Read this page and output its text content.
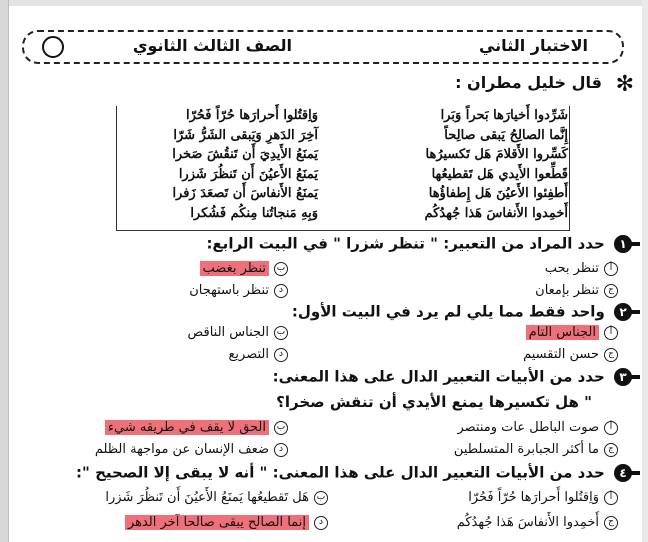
الاختبار الثاني
الصف الثالث الثانوي
✻
قال خليل مطران :
شَرِّدوا أَخيارَها بَحراً وَبَرا
إِنَّما الصالِحُ يَبقى صالِحاً
كَسِّروا الأَقلامَ هَل تَكسيرُها
قَطِّعوا الأَيدي هَل تَقطيعُها
أَطفِئوا الأَعيُنَ هَل إِطفاؤُها
أَخمِدوا الأَنفاسَ هَذا جُهدُكُم
وَاِقتُلوا أَحرارَها حُرّاً فَحُرّا
آخِرَ الدَهرِ وَيَبقى الشَرُّ شَرّا
يَمنَعُ الأَيدِيَ أَن تَنقُشَ صَخرا
يَمنَعُ الأَعيُنَ أَن تَنظُرَ شَزرا
يَمنَعُ الأَنفاسَ أَن تَصعَدَ زَفرا
وَبِهِ مَنجاتُنا مِنكُم فَشُكرا
١ حدد المراد من التعبير: " تنظر شزرا " في البيت الرابع:
أتنظر بحب
بتنظر بغضب
جتنظر بإمعان
دتنظر باستهجان
٢ واحد فقط مما يلي لم يرد في البيت الأول:
أالجناس التام
بالجناس الناقص
جحسن التقسيم
دالتصريع
٣ حدد من الأبيات التعبير الدال على هذا المعنى:
" هل تكسيرها يمنع الأيدي أن تنقش صخرا؟
أصوت الباطل عات ومنتصر
بالحق لا يقف في طريقه شيء
جما أكثر الجبابرة المتسلطين
دضعف الإنسان عن مواجهة الظلم
٤ حدد من الأبيات التعبير الدال على هذا المعنى: " أنه لا يبقى إلا الصحيح ":
أوَاِقتُلوا أَحرارَها حُرّاً فَحُرّا
بهَل تَقطيعُها يَمنَعُ الأَعيُنَ أَن تَنظُرَ شَزرا
جأَخمِدوا الأَنفاسَ هَذا جُهدُكُم
دإنما الصالح يبقى صالحا آخر الدهر
